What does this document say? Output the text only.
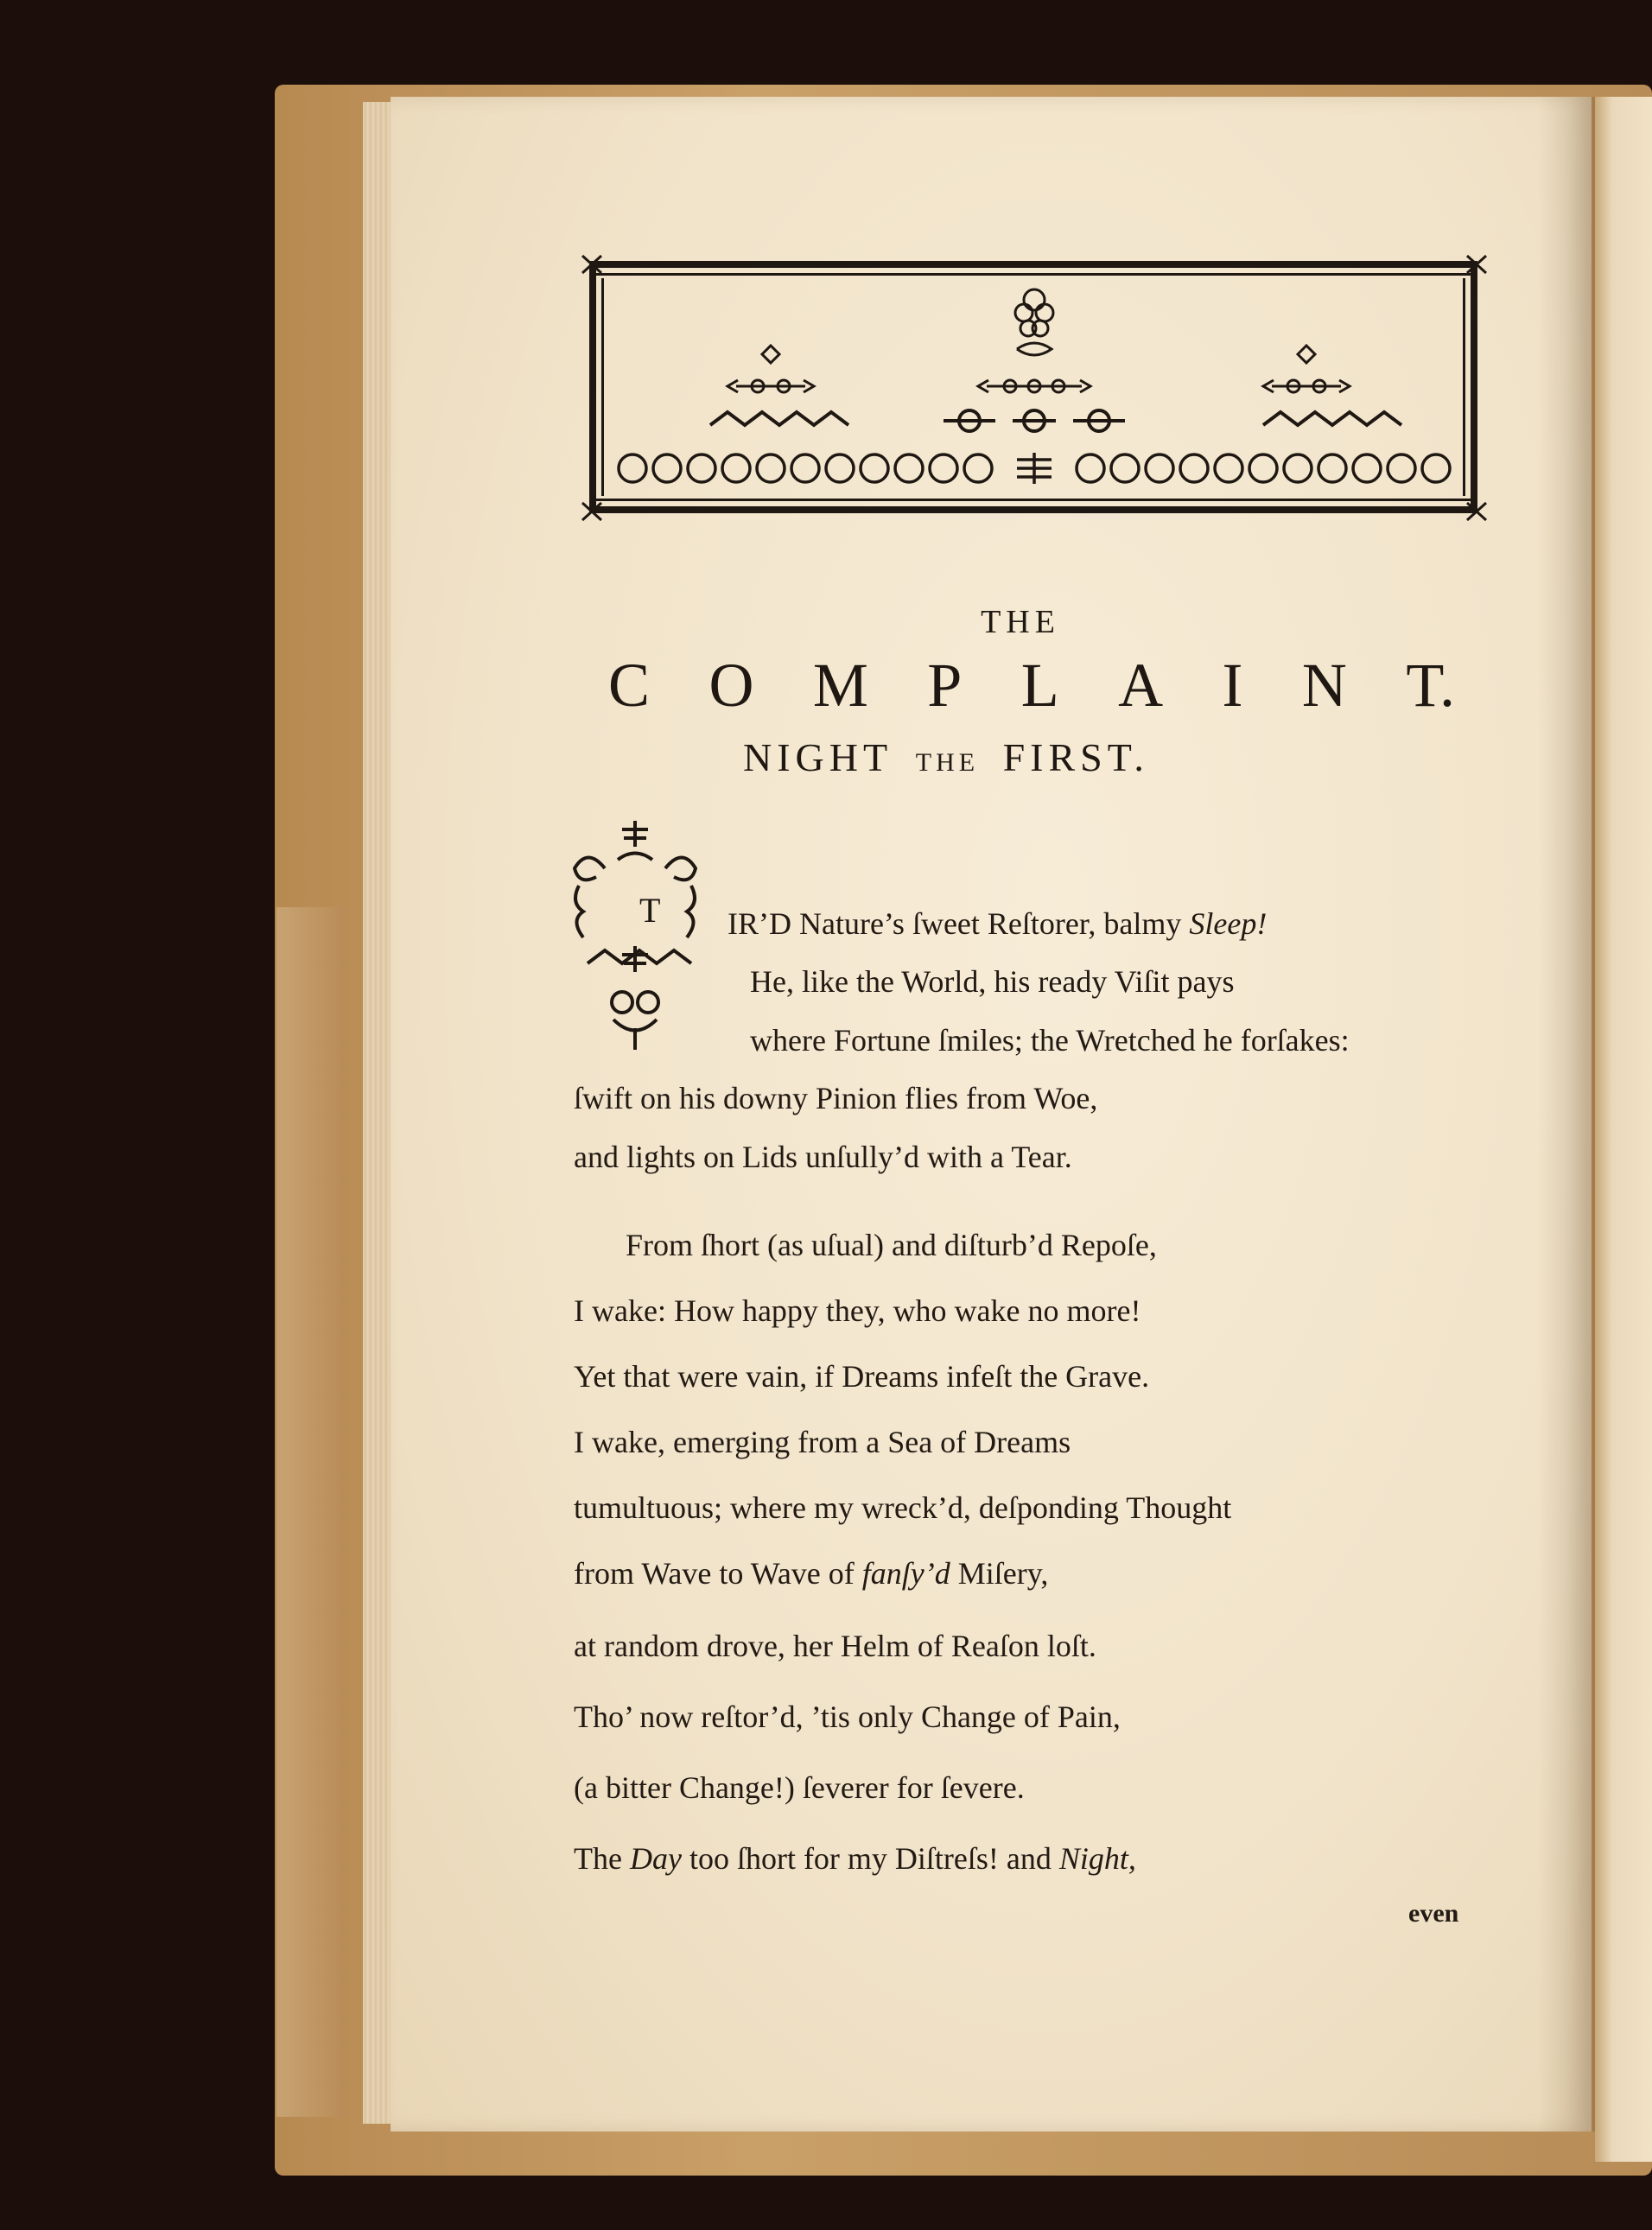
THE
C O M P L A I N T.
NIGHT THE FIRST.
T IR’D Nature’s ſweet Reſtorer, balmy Sleep!
He, like the World, his ready Viſit pays
where Fortune ſmiles; the Wretched he forſakes:
ſwift on his downy Pinion flies from Woe,
and lights on Lids unſully’d with a Tear.
From ſhort (as uſual) and diſturb’d Repoſe,
I wake: How happy they, who wake no more!
Yet that were vain, if Dreams infeſt the Grave.
I wake, emerging from a Sea of Dreams
tumultuous; where my wreck’d, deſponding Thought
from Wave to Wave of fanſy’d Miſery,
at random drove, her Helm of Reaſon loſt.
Tho’ now reſtor’d, ’tis only Change of Pain,
(a bitter Change!) ſeverer for ſevere.
The Day too ſhort for my Diſtreſs! and Night,
even
